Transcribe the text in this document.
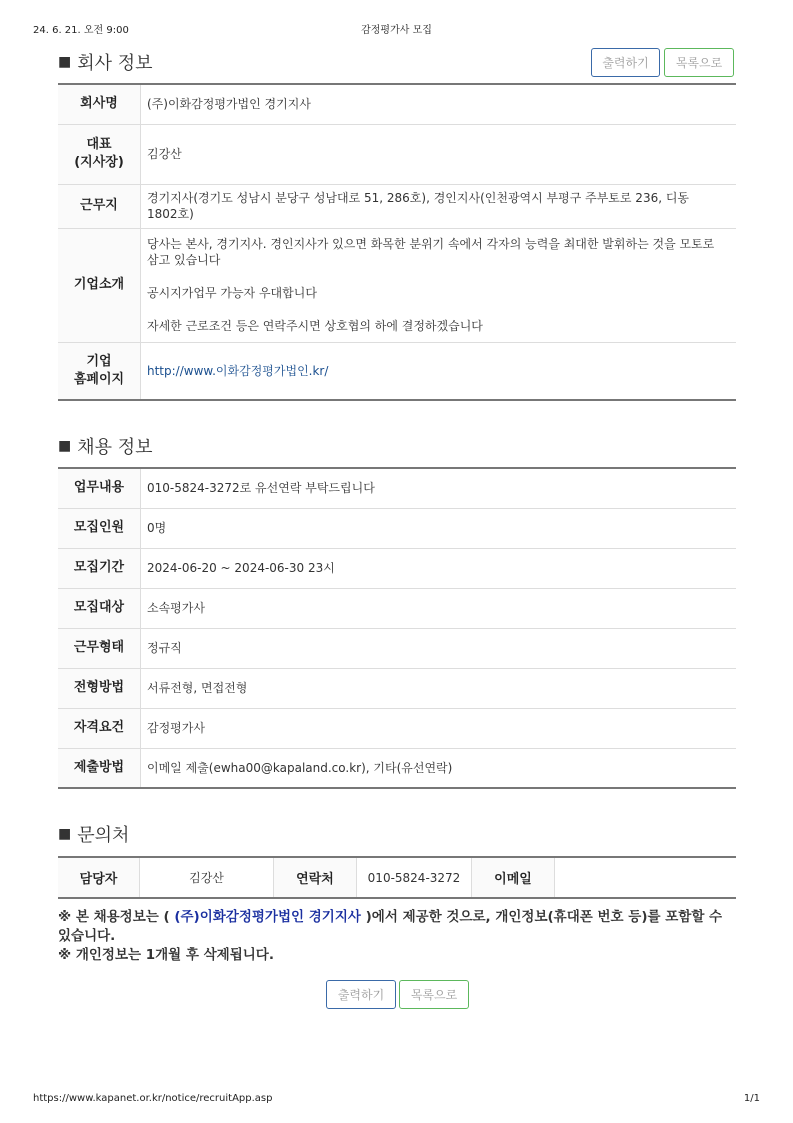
24. 6. 21. 오전 9:00	감정평가사 모집
■ 회사 정보	출력하기	목록으로
회사명	(주)이화감정평가법인 경기지사

대표
(지사장)	김강산
근무지	경기지사(경기도 성남시 분당구 성남대로 51, 286호), 경인지사(인천광역시 부평구 주부토로 236, 디동 1802호)
기업소개	당사는 본사, 경기지사. 경인지사가 있으면 화목한 분위기 속에서 각자의 능력을 최대한 발휘하는 것을 모토로 삼고 있습니다

공시지가업무 가능자 우대합니다

자세한 근로조건 등은 연락주시면 상호협의 하에 결정하겠습니다

기업
홈페이지	http://www.이화감정평가법인.kr/
■ 채용 정보
업무내용	010-5824-3272로 유선연락 부탁드립니다
모집인원	0명
모집기간	2024-06-20 ~ 2024-06-30 23시
모집대상	소속평가사
근무형태	정규직
전형방법	서류전형, 면접전형
자격요건	감정평가사
제출방법	이메일 제출(ewha00@kapaland.co.kr), 기타(유선연락)
■ 문의처
담당자	김강산	연락처	010-5824-3272	이메일	

※ 본 채용정보는 ( (주)이화감정평가법인 경기지사 )에서 제공한 것으로, 개인정보(휴대폰 번호 등)를 포함할 수 있습니다.

※ 개인정보는 1개월 후 삭제됩니다.

출력하기	목록으로
https://www.kapanet.or.kr/notice/recruitApp.asp	1/1
